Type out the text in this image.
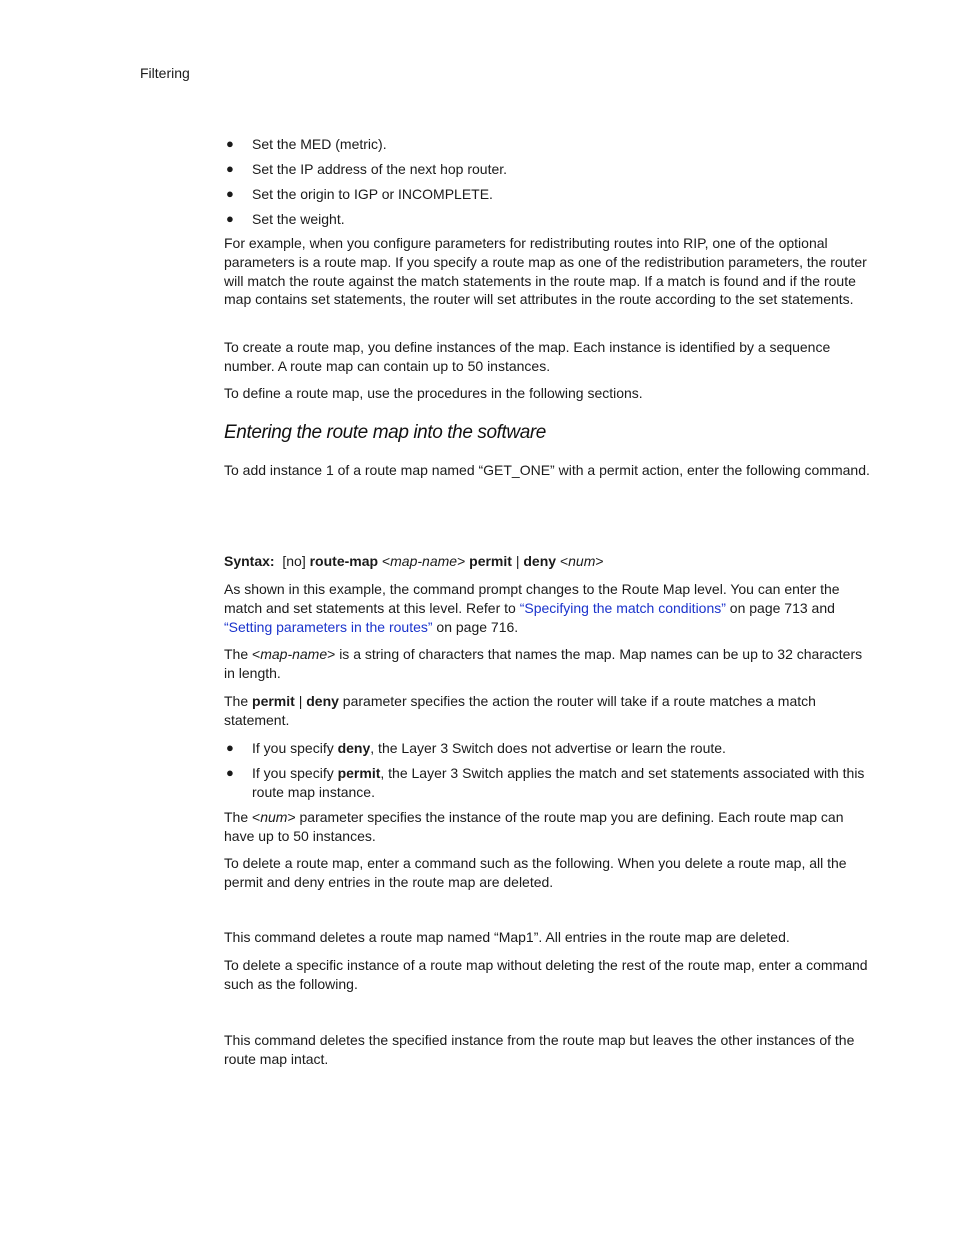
Filtering
● Set the MED (metric).
● Set the IP address of the next hop router.
● Set the origin to IGP or INCOMPLETE.
● Set the weight.

For example, when you configure parameters for redistributing routes into RIP, one of the optional parameters is a route map. If you specify a route map as one of the redistribution parameters, the router will match the route against the match statements in the route map. If a match is found and if the route map contains set statements, the router will set attributes in the route according to the set statements.

To create a route map, you define instances of the map. Each instance is identified by a sequence number. A route map can contain up to 50 instances.

To define a route map, use the procedures in the following sections.

Entering the route map into the software

To add instance 1 of a route map named “GET_ONE” with a permit action, enter the following command.

Syntax: [no] route-map <map-name> permit | deny <num>

As shown in this example, the command prompt changes to the Route Map level. You can enter the match and set statements at this level. Refer to “Specifying the match conditions” on page 713 and “Setting parameters in the routes” on page 716.

The <map-name> is a string of characters that names the map. Map names can be up to 32 characters in length.

The permit | deny parameter specifies the action the router will take if a route matches a match statement.

● If you specify deny, the Layer 3 Switch does not advertise or learn the route.
● If you specify permit, the Layer 3 Switch applies the match and set statements associated with this route map instance.

The <num> parameter specifies the instance of the route map you are defining. Each route map can have up to 50 instances.

To delete a route map, enter a command such as the following. When you delete a route map, all the permit and deny entries in the route map are deleted.

This command deletes a route map named “Map1”. All entries in the route map are deleted.

To delete a specific instance of a route map without deleting the rest of the route map, enter a command such as the following.

This command deletes the specified instance from the route map but leaves the other instances of the route map intact.
